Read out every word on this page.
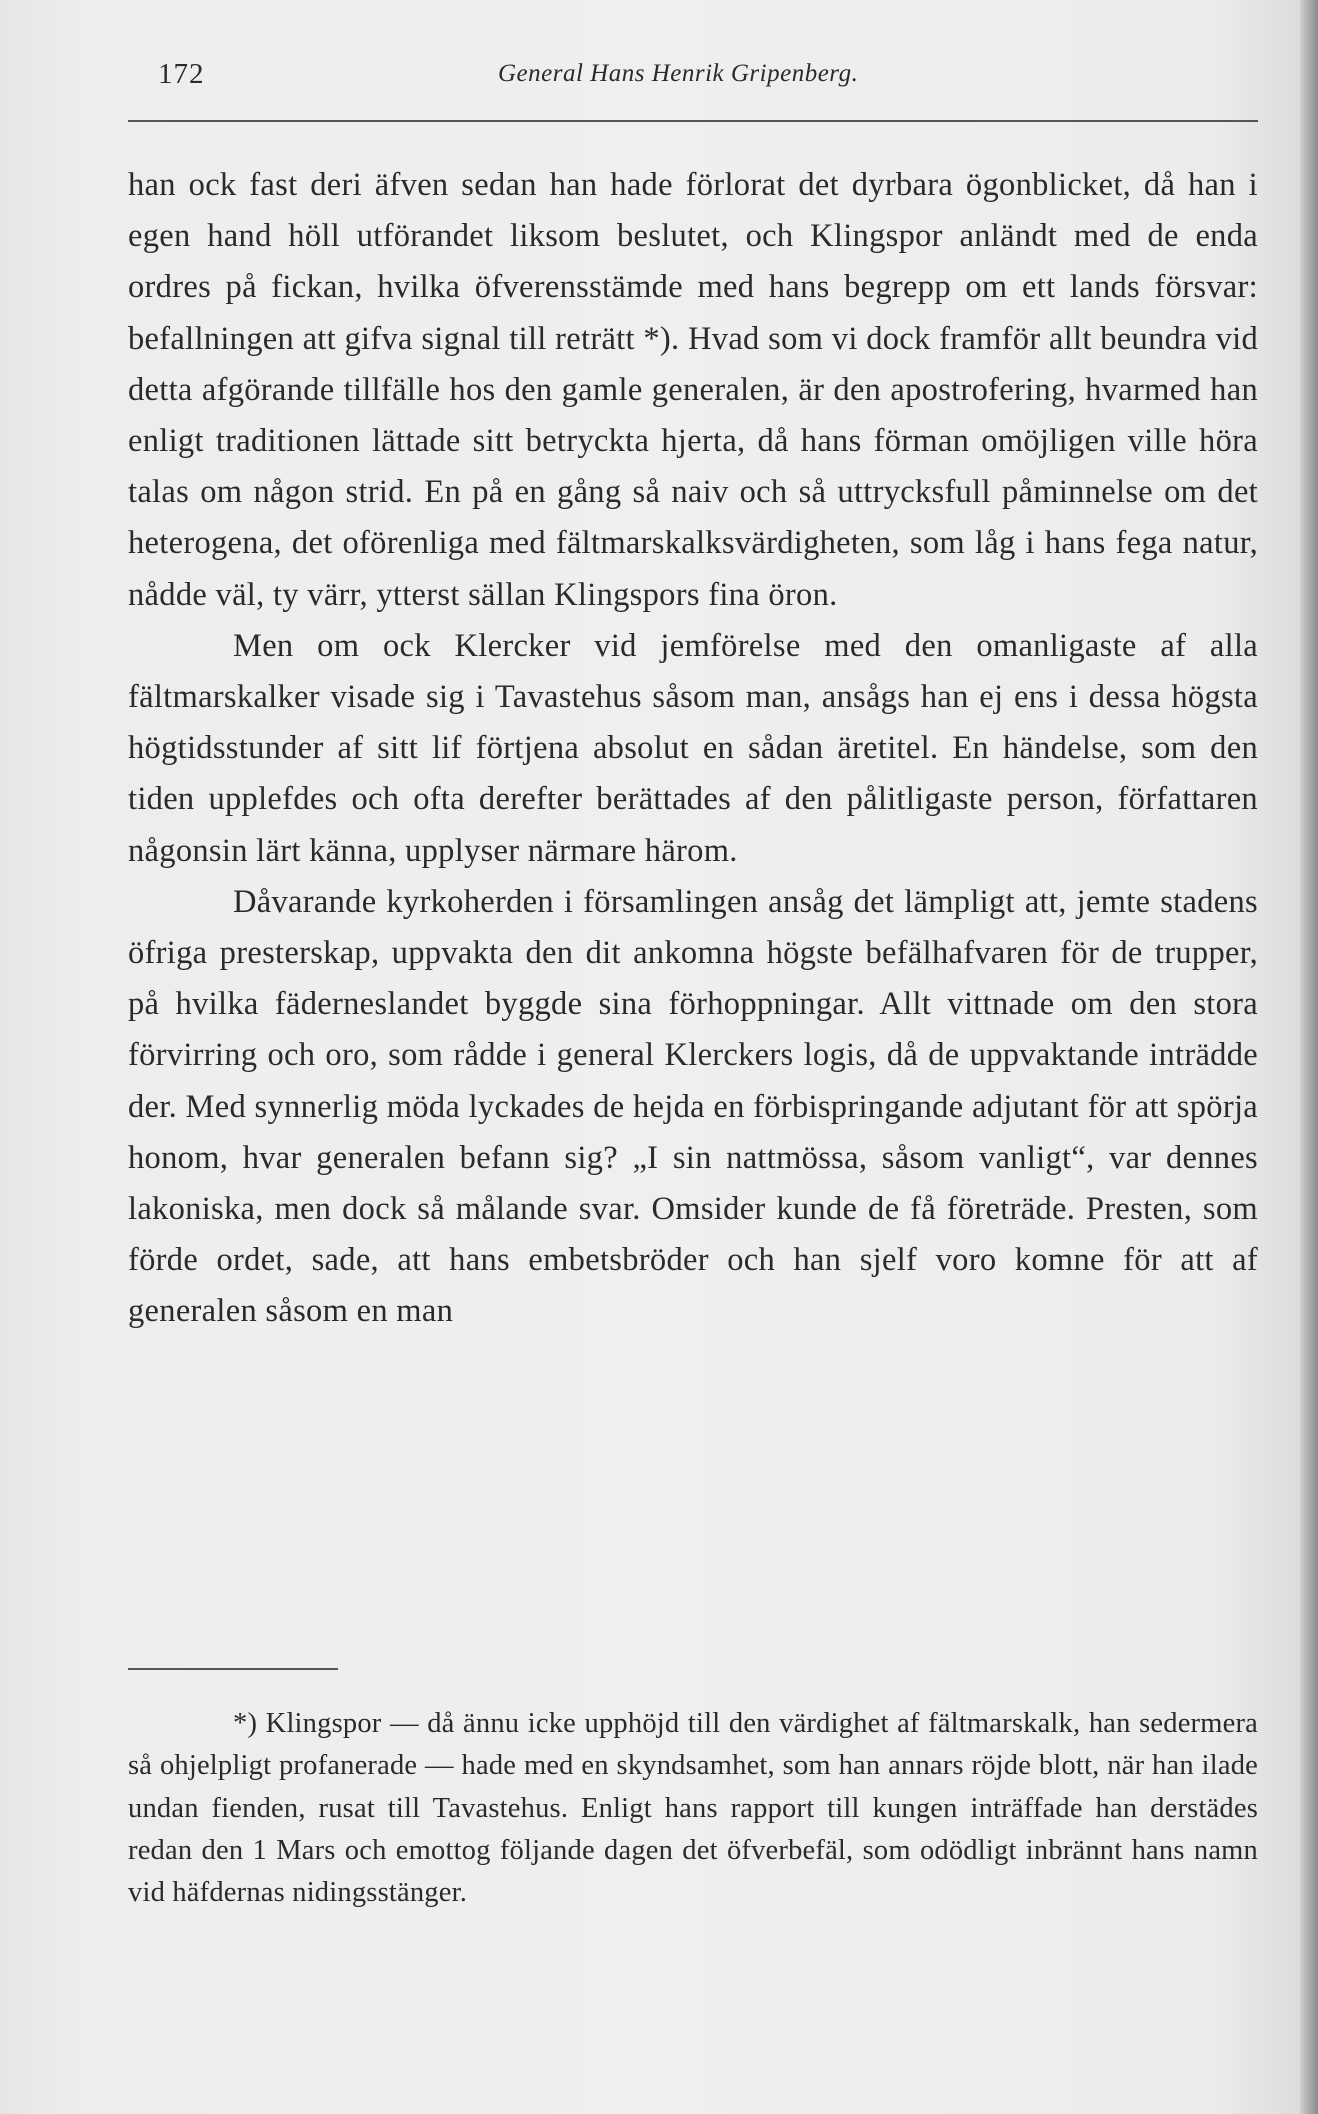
172	General Hans Henrik Gripenberg.

han ock fast deri äfven sedan han hade förlorat det dyrbara ögonblicket, då han i egen hand höll utförandet liksom beslutet, och Klingspor anländt med de enda ordres på fickan, hvilka öfverensstämde med hans begrepp om ett lands försvar: befallningen att gifva signal till reträtt *). Hvad som vi dock framför allt beundra vid detta afgörande tillfälle hos den gamle generalen, är den apostrofering, hvarmed han enligt traditionen lättade sitt betryckta hjerta, då hans förman omöjligen ville höra talas om någon strid. En på en gång så naiv och så uttrycksfull påminnelse om det heterogena, det oförenliga med fältmarskalksvärdigheten, som låg i hans fega natur, nådde väl, ty värr, ytterst sällan Klingspors fina öron.

Men om ock Klercker vid jemförelse med den omanligaste af alla fältmarskalker visade sig i Tavastehus såsom man, ansågs han ej ens i dessa högsta högtidsstunder af sitt lif förtjena absolut en sådan äretitel. En händelse, som den tiden upplefdes och ofta derefter berättades af den pålitligaste person, författaren någonsin lärt känna, upplyser närmare härom.

Dåvarande kyrkoherden i församlingen ansåg det lämpligt att, jemte stadens öfriga presterskap, uppvakta den dit ankomna högste befälhafvaren för de trupper, på hvilka fäderneslandet byggde sina förhoppningar. Allt vittnade om den stora förvirring och oro, som rådde i general Klerckers logis, då de uppvaktande inträdde der. Med synnerlig möda lyckades de hejda en förbispringande adjutant för att spörja honom, hvar generalen befann sig? „I sin nattmössa, såsom vanligt“, var dennes lakoniska, men dock så målande svar. Omsider kunde de få företräde. Presten, som förde ordet, sade, att hans embetsbröder och han sjelf voro komne för att af generalen såsom en man

*) Klingspor — då ännu icke upphöjd till den värdighet af fältmarskalk, han sedermera så ohjelpligt profanerade — hade med en skyndsamhet, som han annars röjde blott, när han ilade undan fienden, rusat till Tavastehus. Enligt hans rapport till kungen inträffade han derstädes redan den 1 Mars och emottog följande dagen det öfverbefäl, som odödligt inbrännt hans namn vid häfdernas nidingsstänger.
